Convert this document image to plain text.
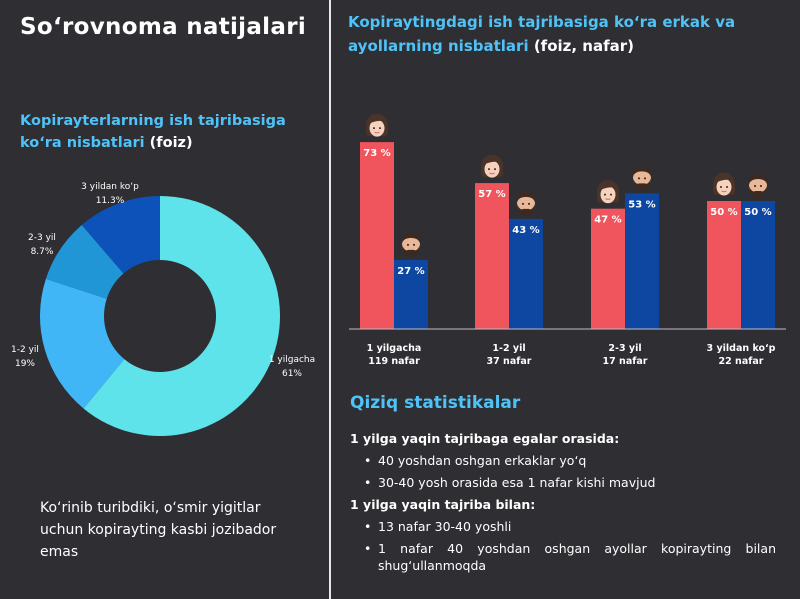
So‘rovnoma natijalari
Kopirayterlarning ish tajribasiga ko‘ra nisbatlari (foiz)
1 yilgacha
61%
1-2 yil
19%
2-3 yil
8.7%
3 yildan ko‘p
11.3%
Ko‘rinib turibdiki, o‘smir yigitlar uchun kopirayting kasbi jozibador emas
Kopiraytingdagi ish tajribasiga ko‘ra erkak va ayollarning nisbatlari (foiz, nafar)
73 %
27 %
1 yilgacha
119 nafar
57 %
43 %
1-2 yil
37 nafar
47 %
53 %
2-3 yil
17 nafar
50 % 50 %
3 yildan ko‘p
22 nafar
Qiziq statistikalar
1 yilga yaqin tajribaga egalar orasida:
• 40 yoshdan oshgan erkaklar yo‘q
• 30-40 yosh orasida esa 1 nafar kishi mavjud
1 yilga yaqin tajriba bilan:
• 13 nafar 30-40 yoshli
• 1 nafar 40 yoshdan oshgan ayollar kopirayting bilan shug‘ullanmoqda
